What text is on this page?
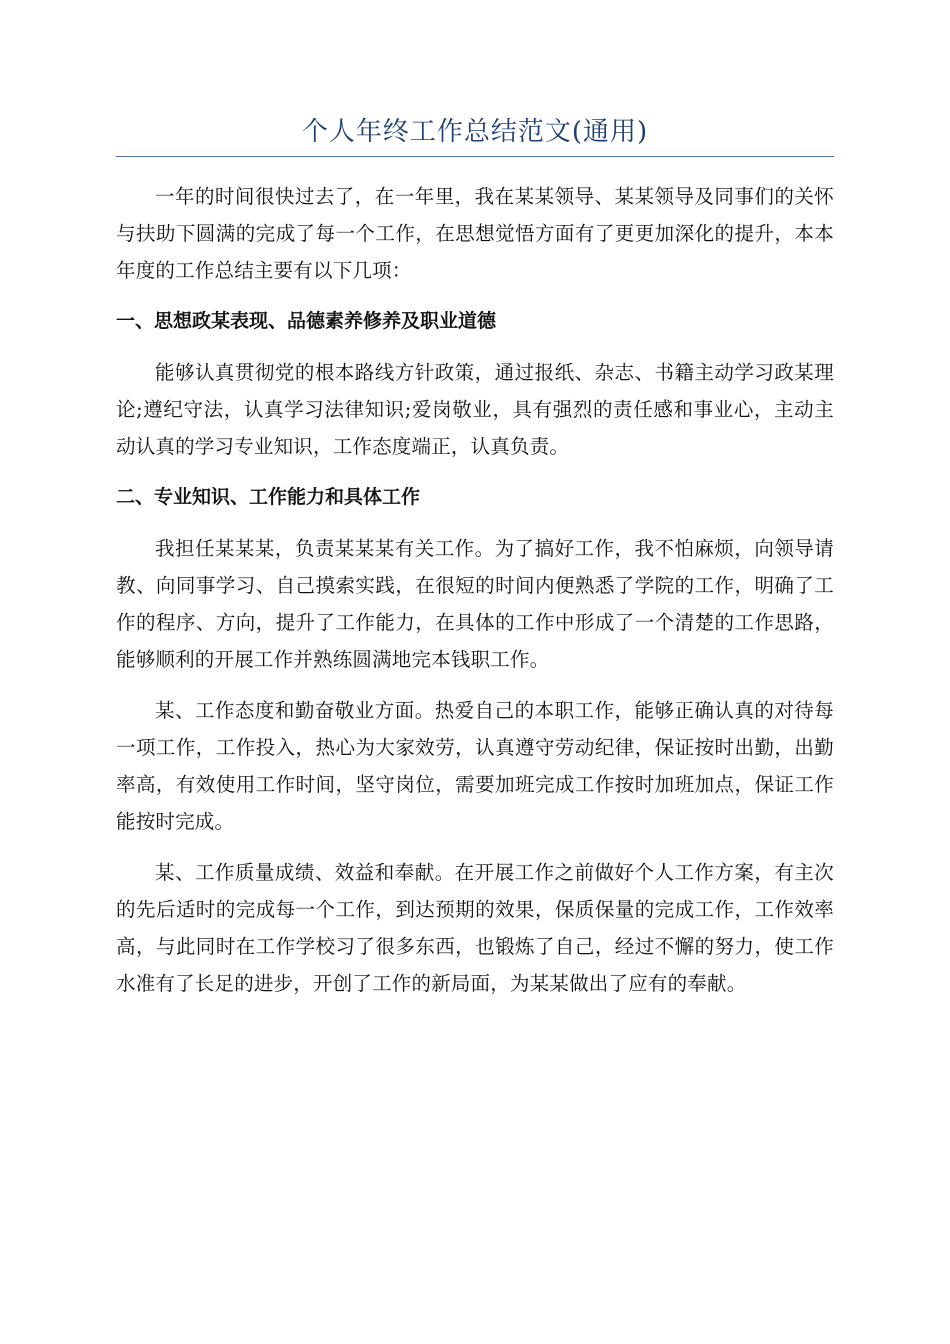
个人年终工作总结范文(通用)

一年的时间很快过去了，在一年里，我在某某领导、某某领导及同事们的关怀与扶助下圆满的完成了每一个工作，在思想觉悟方面有了更更加深化的提升，本本年度的工作总结主要有以下几项：

一、思想政某表现、品德素养修养及职业道德

能够认真贯彻党的根本路线方针政策，通过报纸、杂志、书籍主动学习政某理论;遵纪守法，认真学习法律知识;爱岗敬业，具有强烈的责任感和事业心，主动主动认真的学习专业知识，工作态度端正，认真负责。

二、专业知识、工作能力和具体工作

我担任某某某，负责某某某有关工作。为了搞好工作，我不怕麻烦，向领导请教、向同事学习、自己摸索实践，在很短的时间内便熟悉了学院的工作，明确了工作的程序、方向，提升了工作能力，在具体的工作中形成了一个清楚的工作思路，能够顺利的开展工作并熟练圆满地完本钱职工作。

某、工作态度和勤奋敬业方面。热爱自己的本职工作，能够正确认真的对待每一项工作，工作投入，热心为大家效劳，认真遵守劳动纪律，保证按时出勤，出勤率高，有效使用工作时间，坚守岗位，需要加班完成工作按时加班加点，保证工作能按时完成。

某、工作质量成绩、效益和奉献。在开展工作之前做好个人工作方案，有主次的先后适时的完成每一个工作，到达预期的效果，保质保量的完成工作，工作效率高，与此同时在工作学校习了很多东西，也锻炼了自己，经过不懈的努力，使工作水准有了长足的进步，开创了工作的新局面，为某某做出了应有的奉献。
